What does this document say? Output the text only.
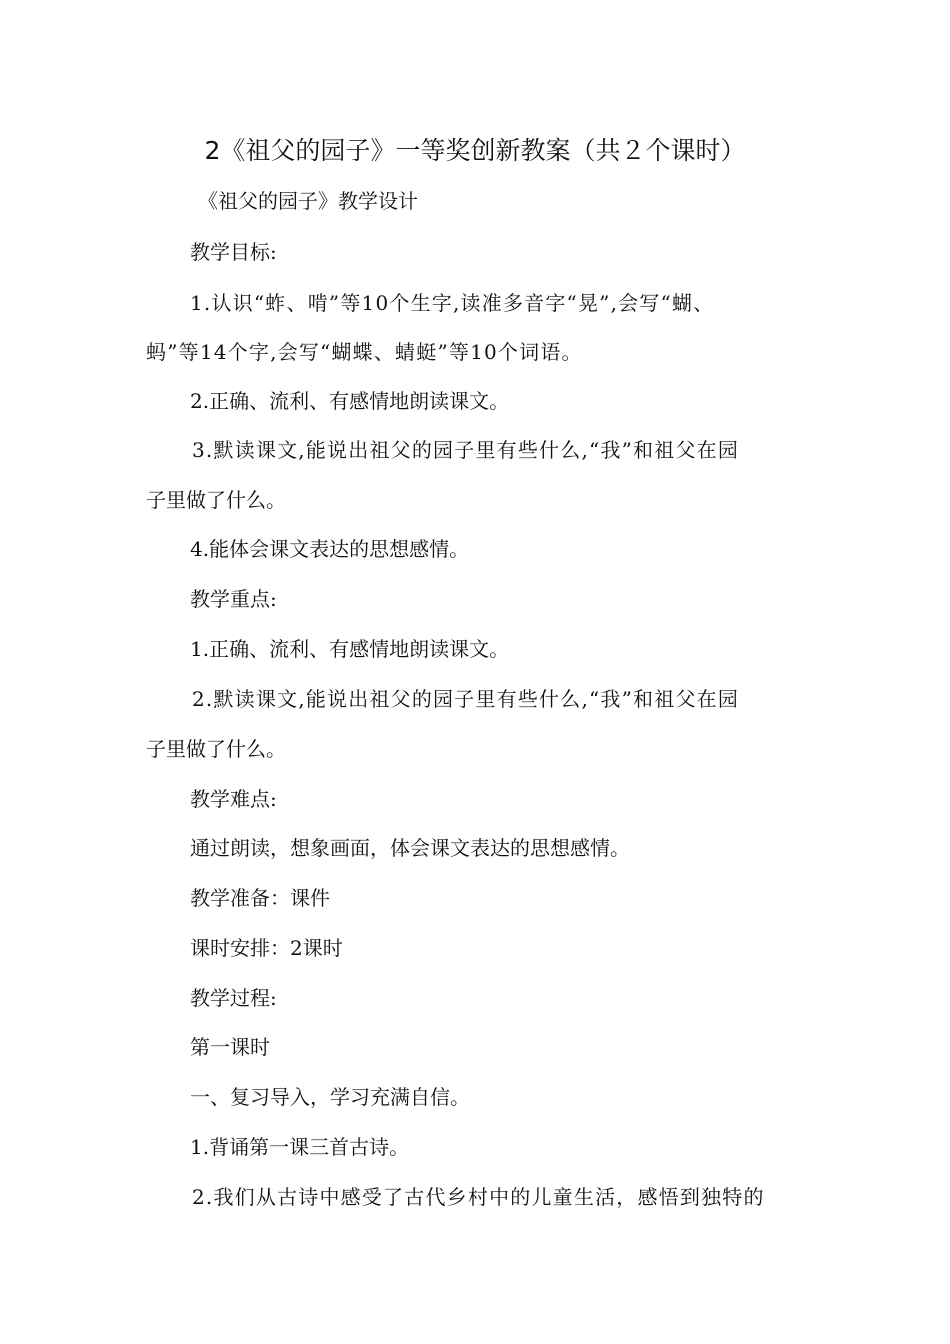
2《祖父的园子》一等奖创新教案（共２个课时）
《祖父的园子》教学设计
教学目标:
1.认识“蚱、啃”等10个生字,读准多音字“晃”,会写“蝴、
蚂”等14个字,会写“蝴蝶、蜻蜓”等10个词语。
2.正确、流利、有感情地朗读课文。
3.默读课文,能说出祖父的园子里有些什么,“我”和祖父在园
子里做了什么。
4.能体会课文表达的思想感情。
教学重点:
1.正确、流利、有感情地朗读课文。
2.默读课文,能说出祖父的园子里有些什么,“我”和祖父在园
子里做了什么。
教学难点:
通过朗读，想象画面，体会课文表达的思想感情。
教学准备：课件
课时安排：2课时
教学过程:
第一课时
一、复习导入，学习充满自信。
1.背诵第一课三首古诗。
2.我们从古诗中感受了古代乡村中的儿童生活，感悟到独特的
